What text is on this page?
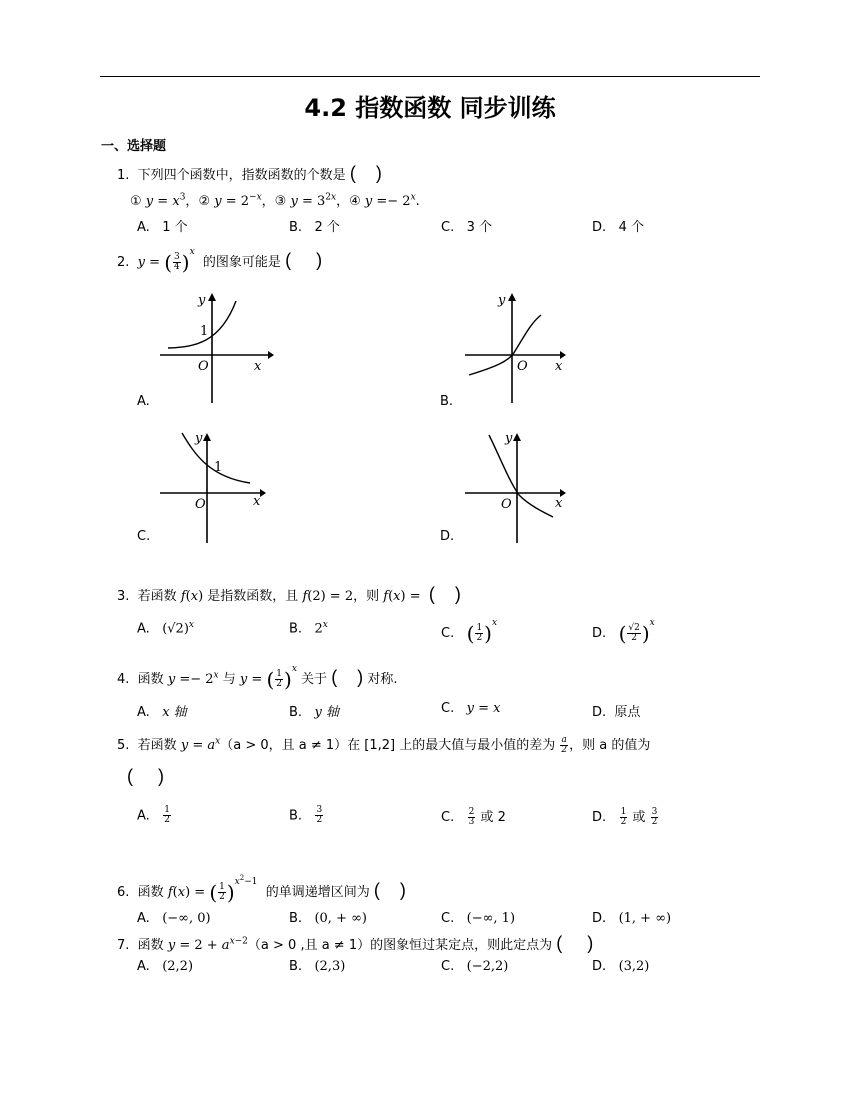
4.2 指数函数 同步训练
一、选择题
1. 下列四个函数中，指数函数的个数是 (    )
① $y = x^3$，② $y = 2^{-x}$，③ $y = 3^{2x}$，④ $y =- 2^x$.
A. 1 个	B. 2 个	C. 3 个	D. 4 个
2. y = ( $\frac{3}{4} )^x$  的图象可能是 (     )
y
1
O	x
A.
y
O x
B.
y
1
O	x
C.
y
O	x
D.
3. 若函数 f(x) 是指数函数，且 f(2) = 2，则 f(x) = (    )
A. $(√2)^x$	B. 2$^x$
C. ( $\frac{1}{2} )^x$
D. ( $\frac{√2}{2} )^x$
4. 函数 $y =- 2^x$ 与 y = ( $\frac{1}{2} )^x$ 关于 (    ) 对称.
A. x 轴	B. y 轴	C. y = x	D. 原点
5. 若函数 $y = a^x(a > 0$，且 a ≠ 1）在 [1,2] 上的最大值与最小值的差为 $\frac{a}{2}$ ，则 a 的值为
(     )
A. $\frac{1}{2}$	B. $\frac{3}{2}$	C. $\frac{2}{3}$ 或 2	D. $\frac{1}{2}$ 或 $\frac{3}{2}$
6. 函数 f(x) = ( $\frac{1}{2} )^{x^2-1}$  的单调递增区间为 (    )
A. (−∞, 0)	B. (0, + ∞)	C. (−∞, 1)	D. (1, + ∞)
7. 函数 $y = 2 + a^{x-2}(a > 0$ ,且 a ≠ 1）的图象恒过某定点，则此定点为 (     )
A. (2,2)	B. (2,3)	C. (−2,2)	D. (3,2)
